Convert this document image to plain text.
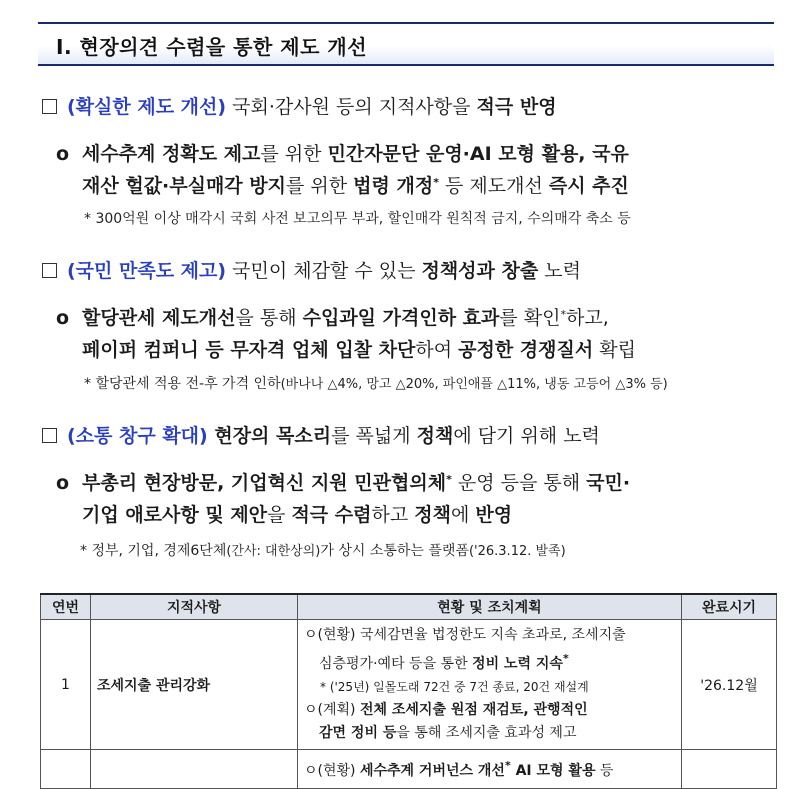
Ⅰ. 현장의견 수렴을 통한 제도 개선
(확실한 제도 개선) 국회·감사원 등의 지적사항을 적극 반영
o 세수추계 정확도 제고를 위한 민간자문단 운영·AI 모형 활용, 국유
재산 헐값·부실매각 방지를 위한 법령 개정* 등 제도개선 즉시 추진
* 300억원 이상 매각시 국회 사전 보고의무 부과, 할인매각 원칙적 금지, 수의매각 축소 등
(국민 만족도 제고) 국민이 체감할 수 있는 정책성과 창출 노력
o 할당관세 제도개선을 통해 수입과일 가격인하 효과를 확인*하고,
페이퍼 컴퍼니 등 무자격 업체 입찰 차단하여 공정한 경쟁질서 확립
* 할당관세 적용 전-후 가격 인하(바나나 △4%, 망고 △20%, 파인애플 △11%, 냉동 고등어 △3% 등)
(소통 창구 확대) 현장의 목소리를 폭넓게 정책에 담기 위해 노력
o 부총리 현장방문, 기업혁신 지원 민관협의체* 운영 등을 통해 국민·
기업 애로사항 및 제안을 적극 수렴하고 정책에 반영
* 정부, 기업, 경제6단체(간사: 대한상의)가 상시 소통하는 플랫폼('26.3.12. 발족)
연번	지적사항	현황 및 조치계획	완료시기
1	조세지출 관리강화	ㅇ(현황) 국세감면율 법정한도 지속 초과로, 조세지출
심층평가·예타 등을 통한 정비 노력 지속*
* ('25년) 일몰도래 72건 중 7건 종료, 20건 재설계
ㅇ(계획) 전체 조세지출 원점 재검토, 관행적인
감면 정비 등을 통해 조세지출 효과성 제고	'26.12월

		ㅇ(현황) 세수추계 거버넌스 개선* AI 모형 활용 등	
